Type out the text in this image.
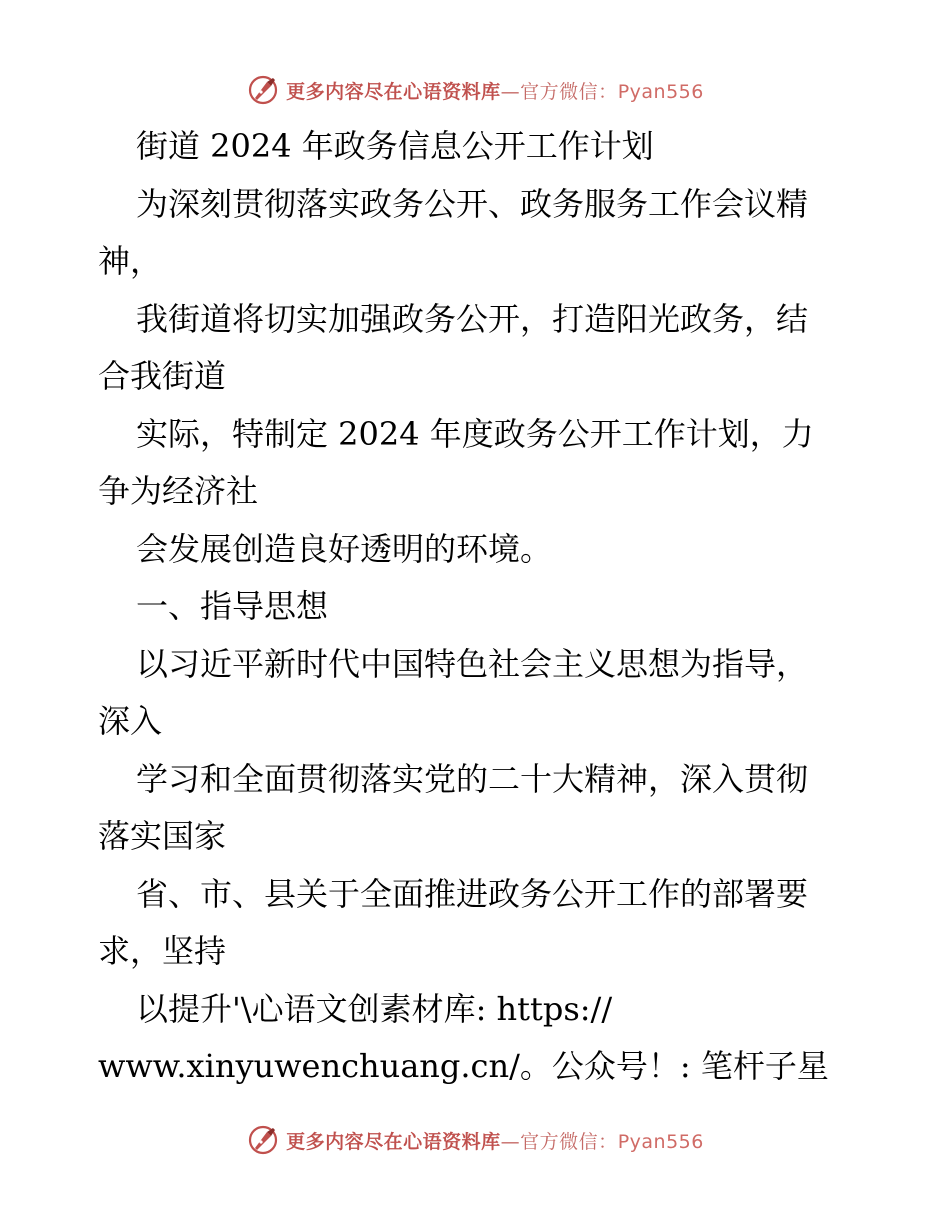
更多内容尽在心语资料库—官方微信：Pyan556
街道 2024 年政务信息公开工作计划
为深刻贯彻落实政务公开、政务服务工作会议精
神，
我街道将切实加强政务公开，打造阳光政务，结
合我街道
实际，特制定 2024 年度政务公开工作计划，力
争为经济社
会发展创造良好透明的环境。
一、指导思想
以习近平新时代中国特色社会主义思想为指导，
深入
学习和全面贯彻落实党的二十大精神，深入贯彻
落实国家
省、市、县关于全面推进政务公开工作的部署要
求，坚持
以提升'\心语文创素材库: https://
www.xinyuwenchuang.cn/。公众号！: 笔杆子星
更多内容尽在心语资料库—官方微信：Pyan556
